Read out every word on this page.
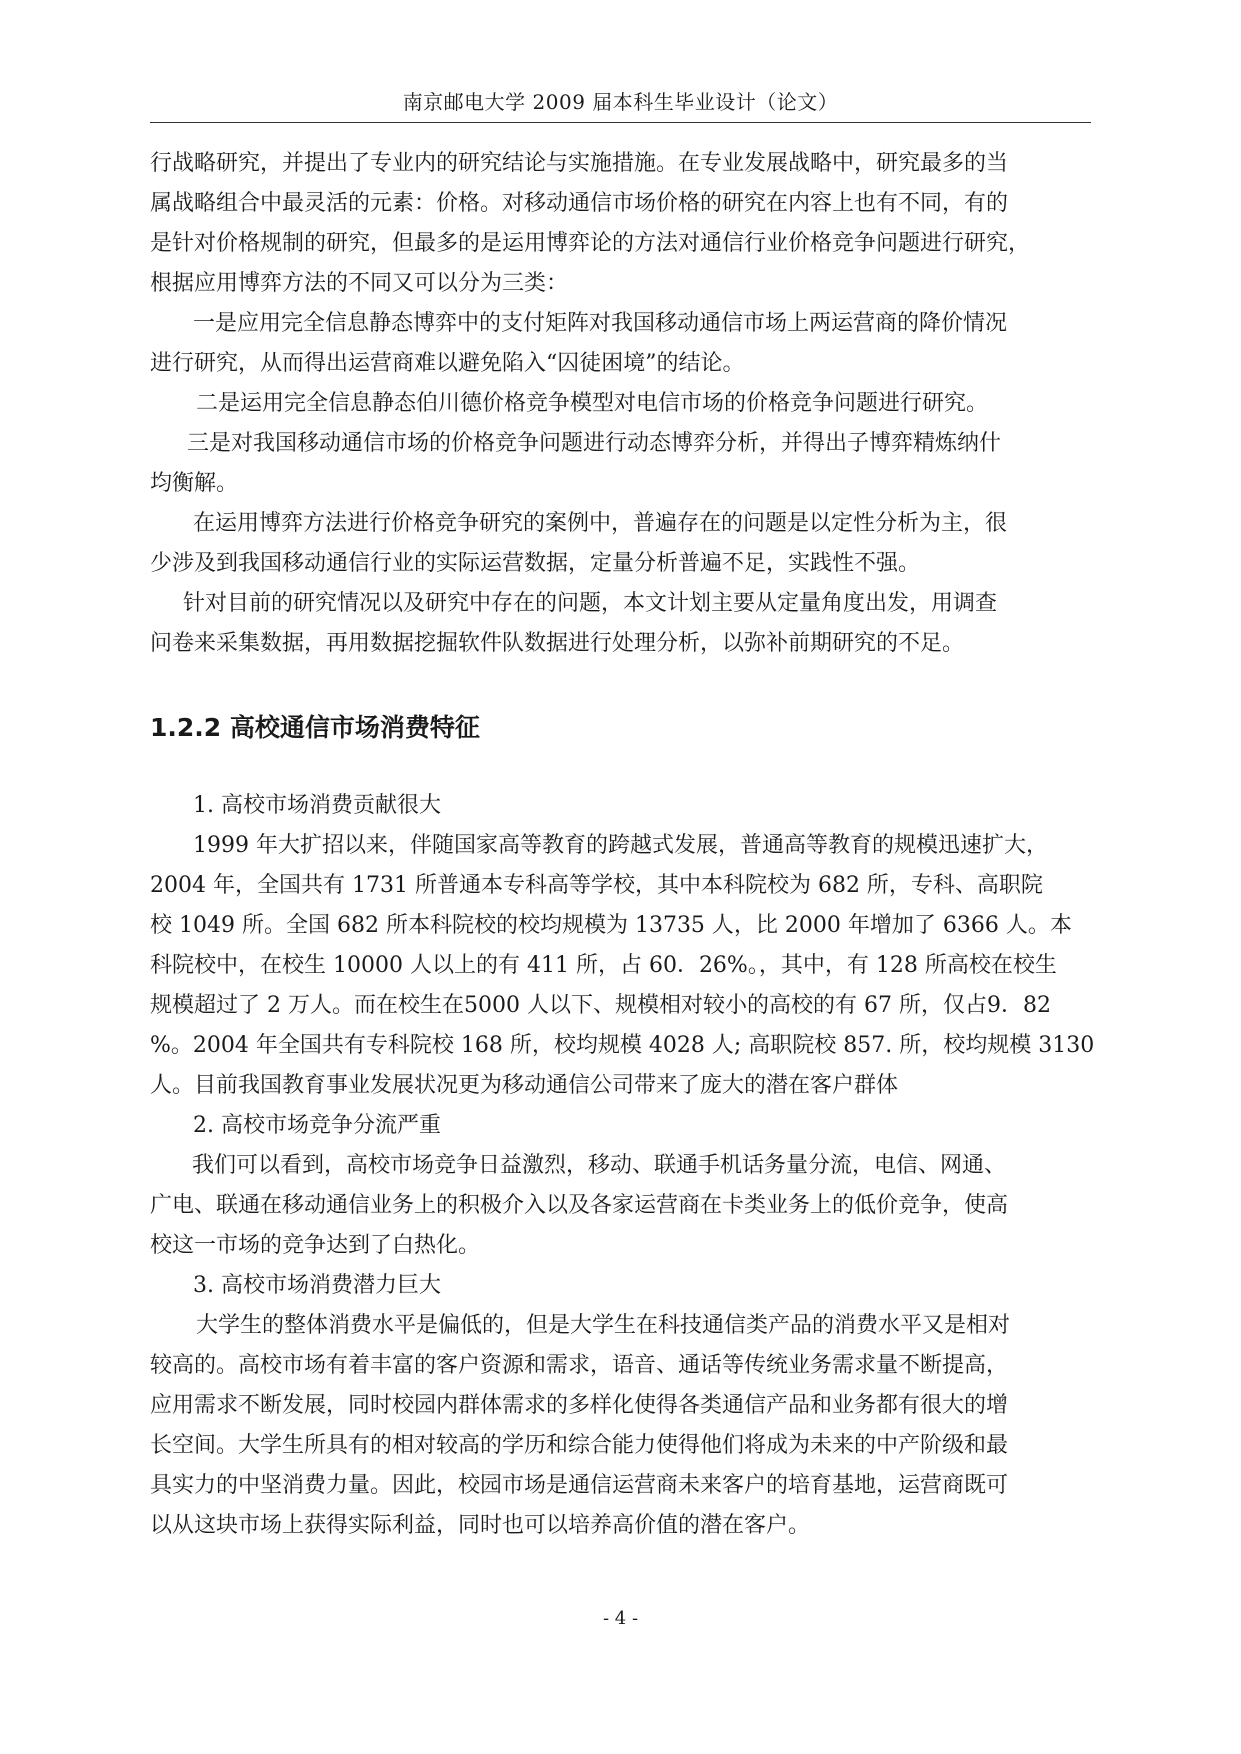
南京邮电大学 2009 届本科生毕业设计（论文）
行战略研究，并提出了专业内的研究结论与实施措施。在专业发展战略中，研究最多的当
属战略组合中最灵活的元素：价格。对移动通信市场价格的研究在内容上也有不同，有的
是针对价格规制的研究，但最多的是运用博弈论的方法对通信行业价格竞争问题进行研究，
根据应用博弈方法的不同又可以分为三类：
一是应用完全信息静态博弈中的支付矩阵对我国移动通信市场上两运营商的降价情况
进行研究，从而得出运营商难以避免陷入“囚徒困境”的结论。
二是运用完全信息静态伯川德价格竞争模型对电信市场的价格竞争问题进行研究。
三是对我国移动通信市场的价格竞争问题进行动态博弈分析，并得出子博弈精炼纳什
均衡解。
在运用博弈方法进行价格竞争研究的案例中，普遍存在的问题是以定性分析为主，很
少涉及到我国移动通信行业的实际运营数据，定量分析普遍不足，实践性不强。
针对目前的研究情况以及研究中存在的问题，本文计划主要从定量角度出发，用调查
问卷来采集数据，再用数据挖掘软件队数据进行处理分析，以弥补前期研究的不足。
1.2.2 高校通信市场消费特征
1. 高校市场消费贡献很大
1999 年大扩招以来，伴随国家高等教育的跨越式发展，普通高等教育的规模迅速扩大，
2004 年，全国共有 1731 所普通本专科高等学校，其中本科院校为 682 所，专科、高职院
校 1049 所。全国 682 所本科院校的校均规模为 13735 人，比 2000 年增加了 6366 人。本
科院校中，在校生 10000 人以上的有 411 所，占 60．26%。，其中，有 128 所高校在校生
规模超过了 2 万人。而在校生在5000 人以下、规模相对较小的高校的有 67 所，仅占9．82
%。2004 年全国共有专科院校 168 所，校均规模 4028 人; 高职院校 857. 所，校均规模 3130
人。目前我国教育事业发展状况更为移动通信公司带来了庞大的潜在客户群体
2. 高校市场竞争分流严重
我们可以看到，高校市场竞争日益激烈，移动、联通手机话务量分流，电信、网通、
广电、联通在移动通信业务上的积极介入以及各家运营商在卡类业务上的低价竞争，使高
校这一市场的竞争达到了白热化。
3. 高校市场消费潜力巨大
大学生的整体消费水平是偏低的，但是大学生在科技通信类产品的消费水平又是相对
较高的。高校市场有着丰富的客户资源和需求，语音、通话等传统业务需求量不断提高，
应用需求不断发展，同时校园内群体需求的多样化使得各类通信产品和业务都有很大的增
长空间。大学生所具有的相对较高的学历和综合能力使得他们将成为未来的中产阶级和最
具实力的中坚消费力量。因此，校园市场是通信运营商未来客户的培育基地，运营商既可
以从这块市场上获得实际利益，同时也可以培养高价值的潜在客户。
- 4 -
